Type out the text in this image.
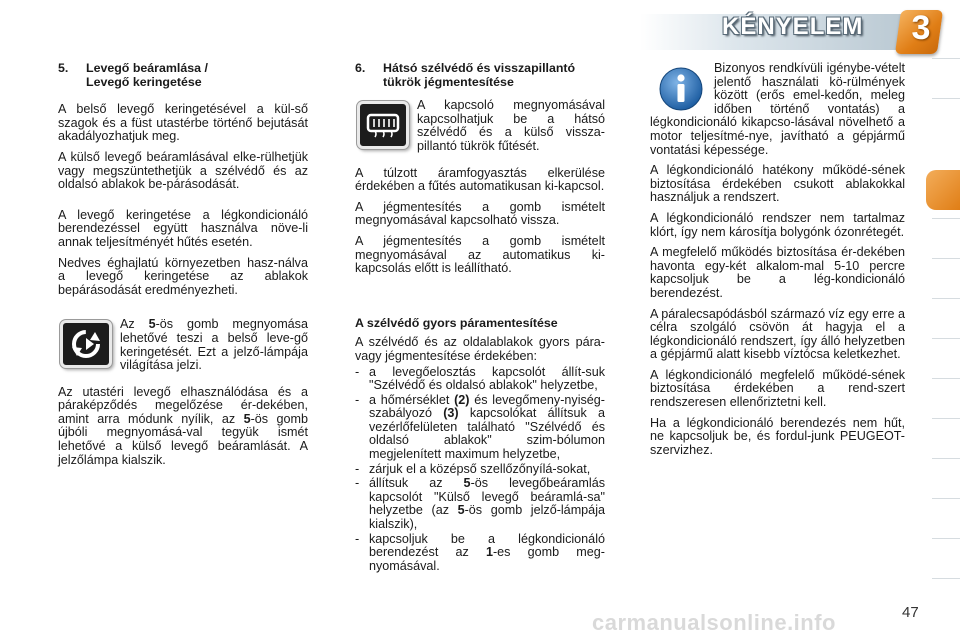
KÉNYELEM 3
5.	Levegő beáramlása /
Levegő keringetése

A belső levegő keringetésével a kül-ső szagok és a füst utastérbe történő bejutását akadályozhatjuk meg.

A külső levegő beáramlásával elke-rülhetjük vagy megszüntethetjük a szélvédő és az oldalsó ablakok be-párásodását.

A levegő keringetése a légkondicionáló berendezéssel együtt használva növe-li annak teljesítményét hűtés esetén.

Nedves éghajlatú környezetben hasz-nálva a levegő keringetése az ablakok bepárásodását eredményezheti.

Az 5-ös gomb megnyomása lehetővé teszi a belső leve-gő keringetését. Ezt a jelző-lámpája világítása jelzi.

Az utastéri levegő elhasználódása és a páraképződés megelőzése ér-dekében, amint arra módunk nyílik, az 5-ös gomb újbóli megnyomásá-val tegyük ismét lehetővé a külső levegő beáramlását. A jelzőlámpa kialszik.

6.	Hátsó szélvédő és visszapillantó tükrök jégmentesítése

A kapcsoló megnyomásával kapcsolhatjuk be a hátsó szélvédő és a külső vissza-pillantó tükrök fűtését.

A túlzott áramfogyasztás elkerülése érdekében a fűtés automatikusan ki-kapcsol.

A jégmentesítés a gomb ismételt megnyomásával kapcsolható vissza.

A jégmentesítés a gomb ismételt megnyomásával az automatikus ki-kapcsolás előtt is leállítható.

A szélvédő gyors páramentesítése

A szélvédő és az oldalablakok gyors pára- vagy jégmentesítése érdekében:

- a levegőelosztás kapcsolót állít-suk "Szélvédő és oldalsó ablakok" helyzetbe,
- a hőmérséklet (2) és levegőmeny-nyiség-szabályozó (3) kapcsolókat állítsuk a vezérlőfelületen található "Szélvédő és oldalsó ablakok" szim-bólumon megjelenített maximum helyzetbe,
- zárjuk el a középső szellőzőnyílá-sokat,
- állítsuk az 5-ös levegőbeáramlás kapcsolót "Külső levegő beáramlá-sa" helyzetbe (az 5-ös gomb jelző-lámpája kialszik),
- kapcsoljuk be a légkondicionáló berendezést az 1-es gomb meg-nyomásával.

Bizonyos rendkívüli igénybe-vételt jelentő használati kö-rülmények között (erős emel-kedőn, meleg időben történő vontatás) a légkondicionáló kikapcso-lásával növelhető a motor teljesítmé-nye, javítható a gépjármű vontatási képessége.

A légkondicionáló hatékony működé-sének biztosítása érdekében csukott ablakokkal használjuk a rendszert.

A légkondicionáló rendszer nem tartalmaz klórt, így nem károsítja bolygónk ózonrétegét.

A megfelelő működés biztosítása ér-dekében havonta egy-két alkalom-mal 5-10 percre kapcsoljuk be a lég-kondicionáló berendezést.

A páralecsapódásból származó víz egy erre a célra szolgáló csövön át hagyja el a légkondicionáló rendszert, így álló helyzetben a gépjármű alatt kisebb víztócsa keletkezhet.

A légkondicionáló megfelelő működé-sének biztosítása érdekében a rend-szert rendszeresen ellenőriztetni kell.

Ha a légkondicionáló berendezés nem hűt, ne kapcsoljuk be, és fordul-junk PEUGEOT-szervizhez.

carmanualsonline.info	47
